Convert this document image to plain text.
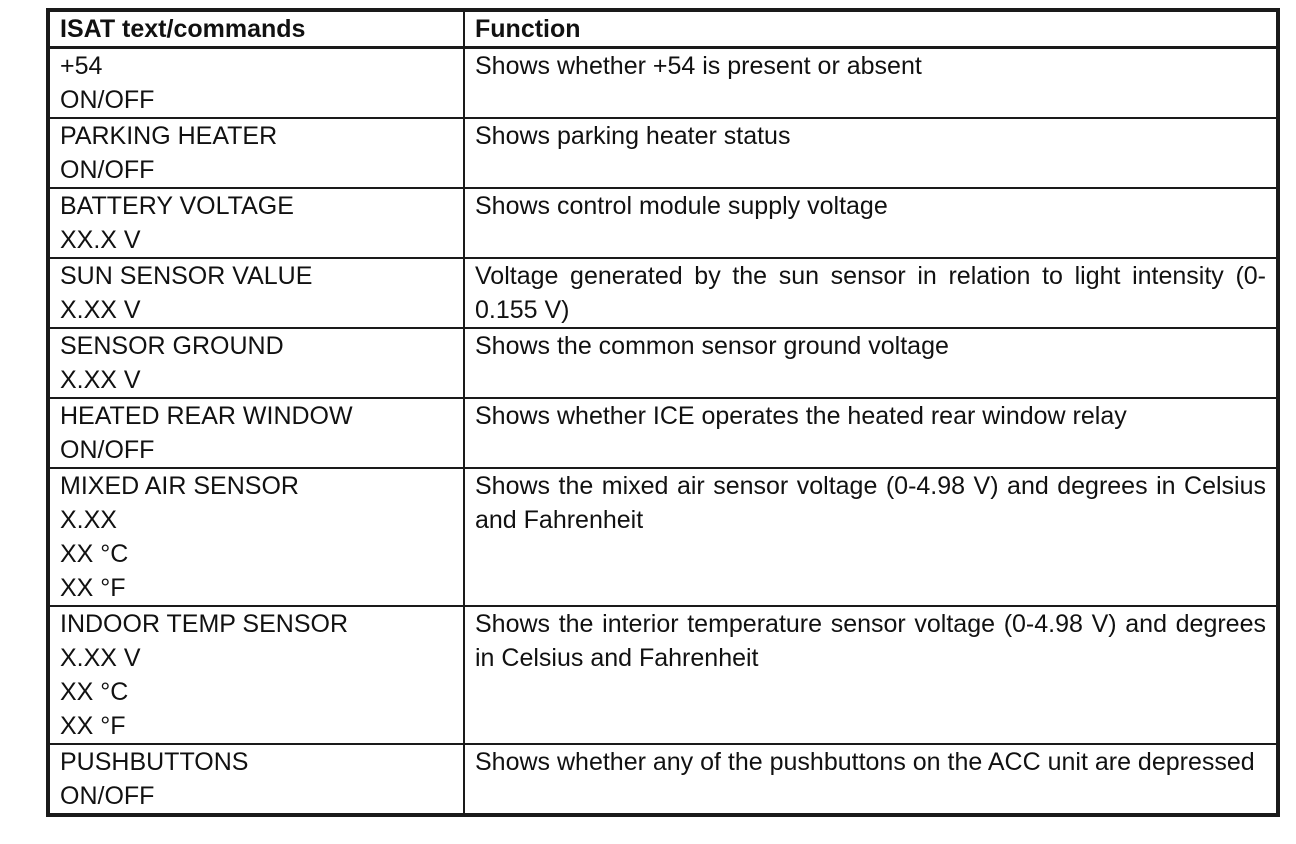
ISAT text/commands	Function

+54
ON/OFF	Shows whether +54 is present or absent

PARKING HEATER
ON/OFF	Shows parking heater status

BATTERY VOLTAGE
XX.X V	Shows control module supply voltage

SUN SENSOR VALUE
X.XX V	Voltage generated by the sun sensor in relation to light intensity (0-0.155 V)

SENSOR GROUND
X.XX V	Shows the common sensor ground voltage

HEATED REAR WINDOW
ON/OFF	Shows whether ICE operates the heated rear window relay

MIXED AIR SENSOR
X.XX
XX °C
XX °F	Shows the mixed air sensor voltage (0-4.98 V) and degrees in Celsius and Fahrenheit

INDOOR TEMP SENSOR
X.XX V
XX °C
XX °F	Shows the interior temperature sensor voltage (0-4.98 V) and degrees in Celsius and Fahrenheit

PUSHBUTTONS
ON/OFF	Shows whether any of the pushbuttons on the ACC unit are depressed
